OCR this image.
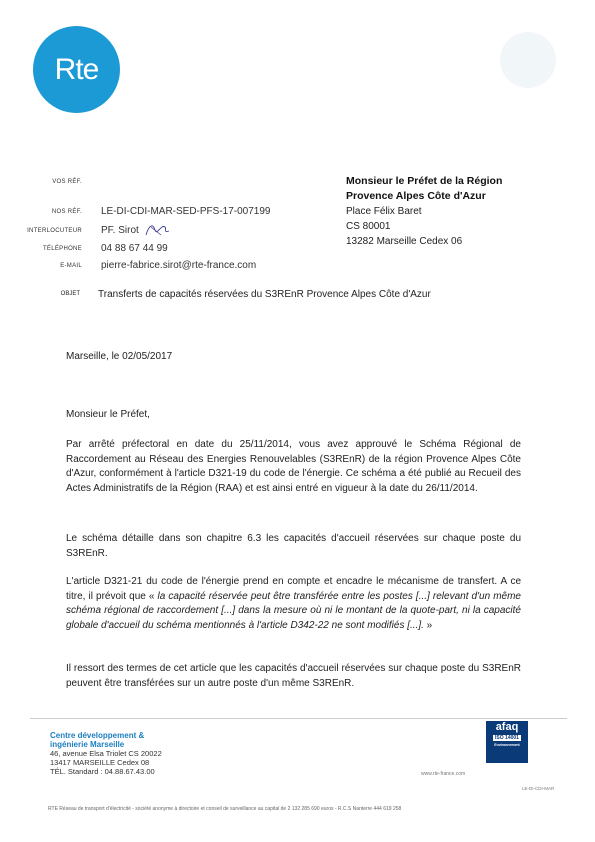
Rte
VOS RÉF.
NOS RÉF. LE-DI-CDI-MAR-SED-PFS-17-007199
INTERLOCUTEUR PF. Sirot
TÉLÉPHONE 04 88 67 44 99
E-MAIL pierre-fabrice.sirot@rte-france.com
Monsieur le Préfet de la Région
Provence Alpes Côte d'Azur
Place Félix Baret
CS 80001
13282 Marseille Cedex 06
OBJET Transferts de capacités réservées du S3REnR Provence Alpes Côte d'Azur
Marseille, le 02/05/2017
Monsieur le Préfet,

Par arrêté préfectoral en date du 25/11/2014, vous avez approuvé le Schéma Régional de Raccordement au Réseau des Energies Renouvelables (S3REnR) de la région Provence Alpes Côte d'Azur, conformément à l'article D321-19 du code de l'énergie. Ce schéma a été publié au Recueil des Actes Administratifs de la Région (RAA) et est ainsi entré en vigueur à la date du 26/11/2014.

Le schéma détaille dans son chapitre 6.3 les capacités d'accueil réservées sur chaque poste du S3REnR.

L'article D321-21 du code de l'énergie prend en compte et encadre le mécanisme de transfert. A ce titre, il prévoit que « la capacité réservée peut être transférée entre les postes [...] relevant d'un même schéma régional de raccordement [...] dans la mesure où ni le montant de la quote-part, ni la capacité globale d'accueil du schéma mentionnés à l'article D342-22 ne sont modifiés [...]. »

Il ressort des termes de cet article que les capacités d'accueil réservées sur chaque poste du S3REnR peuvent être transférées sur un autre poste d'un même S3REnR.

Centre développement &
ingénierie Marseille
46, avenue Elsa Triolet CS 20022
13417 MARSEILLE Cedex 08
TÉL. Standard : 04.88.67.43.00
afaq
ISO 14001
Environnement
www.rte-france.com
LE-DI-CDI-MAR
RTE Réseau de transport d'électricité - société anonyme à directoire et conseil de surveillance au capital de 2 132 285 690 euros - R.C.S Nanterre 444 619 258
